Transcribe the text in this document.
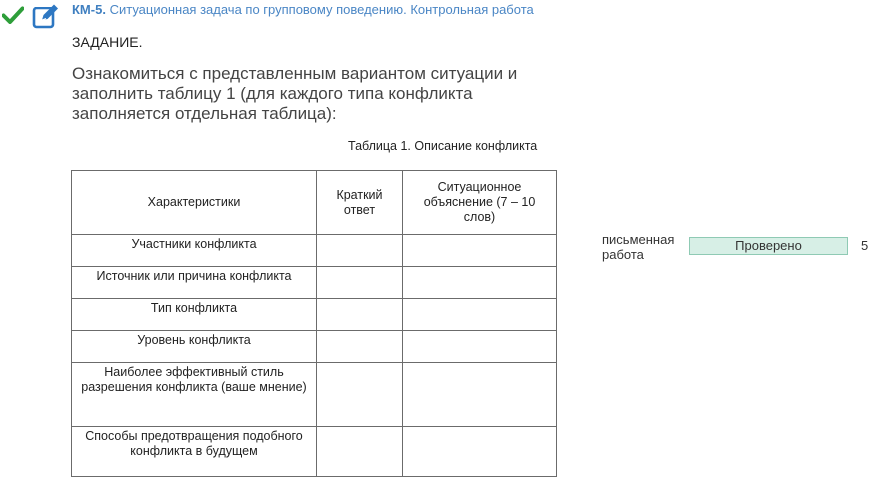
КМ-5. Ситуационная задача по групповому поведению. Контрольная работа
ЗАДАНИЕ.
Ознакомиться с представленным вариантом ситуации и заполнить таблицу 1 (для каждого типа конфликта заполняется отдельная таблица):
Таблица 1. Описание конфликта
Характеристики	Краткий ответ	Ситуационное объяснение (7 – 10 слов)
Участники конфликта		
Источник или причина конфликта		
Тип конфликта		
Уровень конфликта		
Наиболее эффективный стиль разрешения конфликта (ваше мнение)		
Способы предотвращения подобного конфликта в будущем		
письменная работа
Проверено	5
